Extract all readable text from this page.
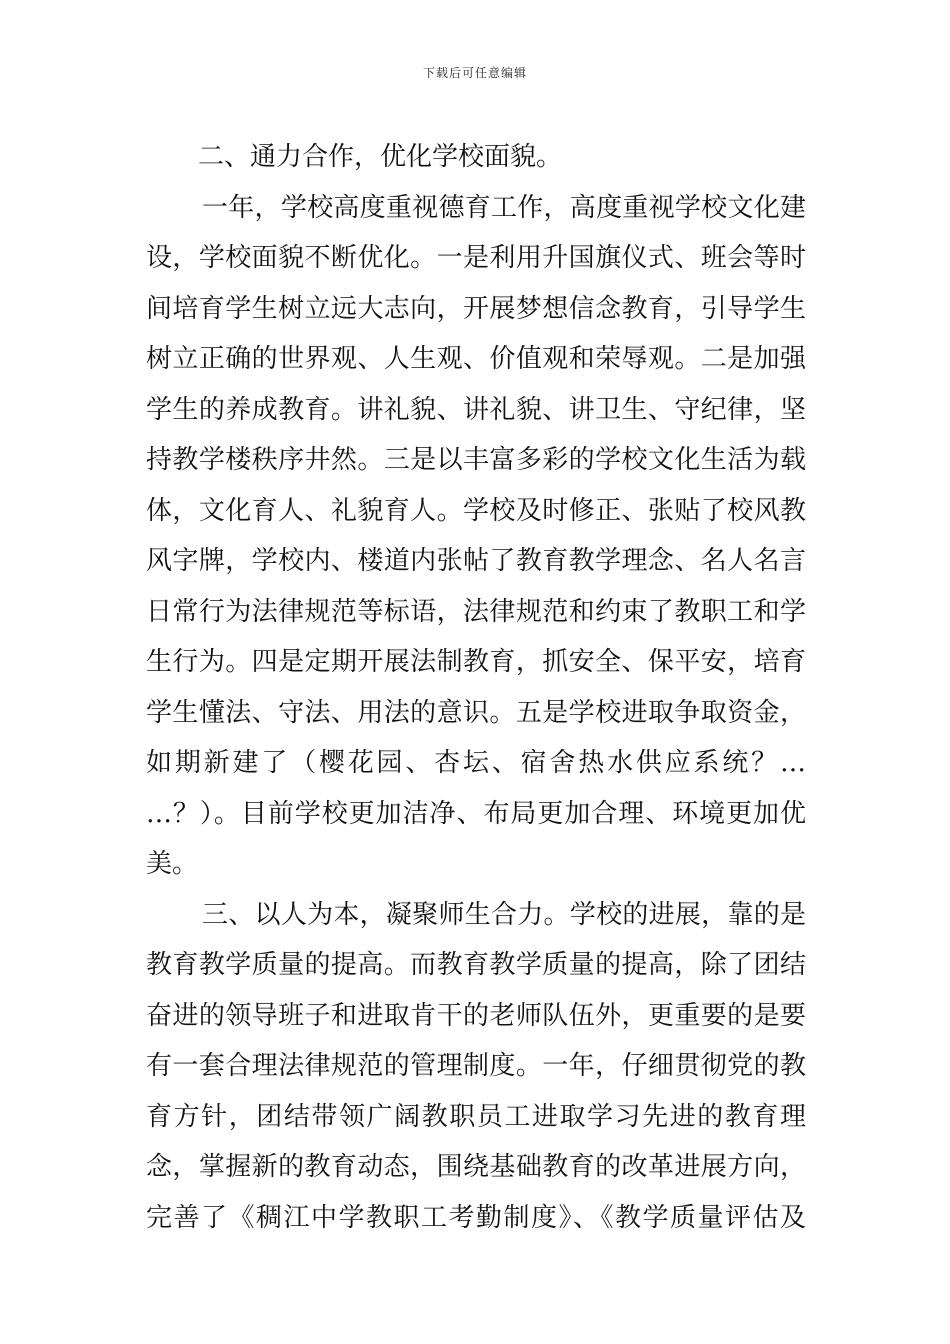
下载后可任意编辑
二、通力合作，优化学校面貌。
一年，学校高度重视德育工作，高度重视学校文化建
设，学校面貌不断优化。一是利用升国旗仪式、班会等时
间培育学生树立远大志向，开展梦想信念教育，引导学生
树立正确的世界观、人生观、价值观和荣辱观。二是加强
学生的养成教育。讲礼貌、讲礼貌、讲卫生、守纪律，坚
持教学楼秩序井然。三是以丰富多彩的学校文化生活为载
体，文化育人、礼貌育人。学校及时修正、张贴了校风教
风字牌，学校内、楼道内张帖了教育教学理念、名人名言
日常行为法律规范等标语，法律规范和约束了教职工和学
生行为。四是定期开展法制教育，抓安全、保平安，培育
学生懂法、守法、用法的意识。五是学校进取争取资金，
如期新建了（樱花园、杏坛、宿舍热水供应系统？…
…？）。目前学校更加洁净、布局更加合理、环境更加优
美。
三、以人为本，凝聚师生合力。学校的进展，靠的是
教育教学质量的提高。而教育教学质量的提高，除了团结
奋进的领导班子和进取肯干的老师队伍外，更重要的是要
有一套合理法律规范的管理制度。一年，仔细贯彻党的教
育方针，团结带领广阔教职员工进取学习先进的教育理
念，掌握新的教育动态，围绕基础教育的改革进展方向，
完善了《稠江中学教职工考勤制度》、《教学质量评估及
